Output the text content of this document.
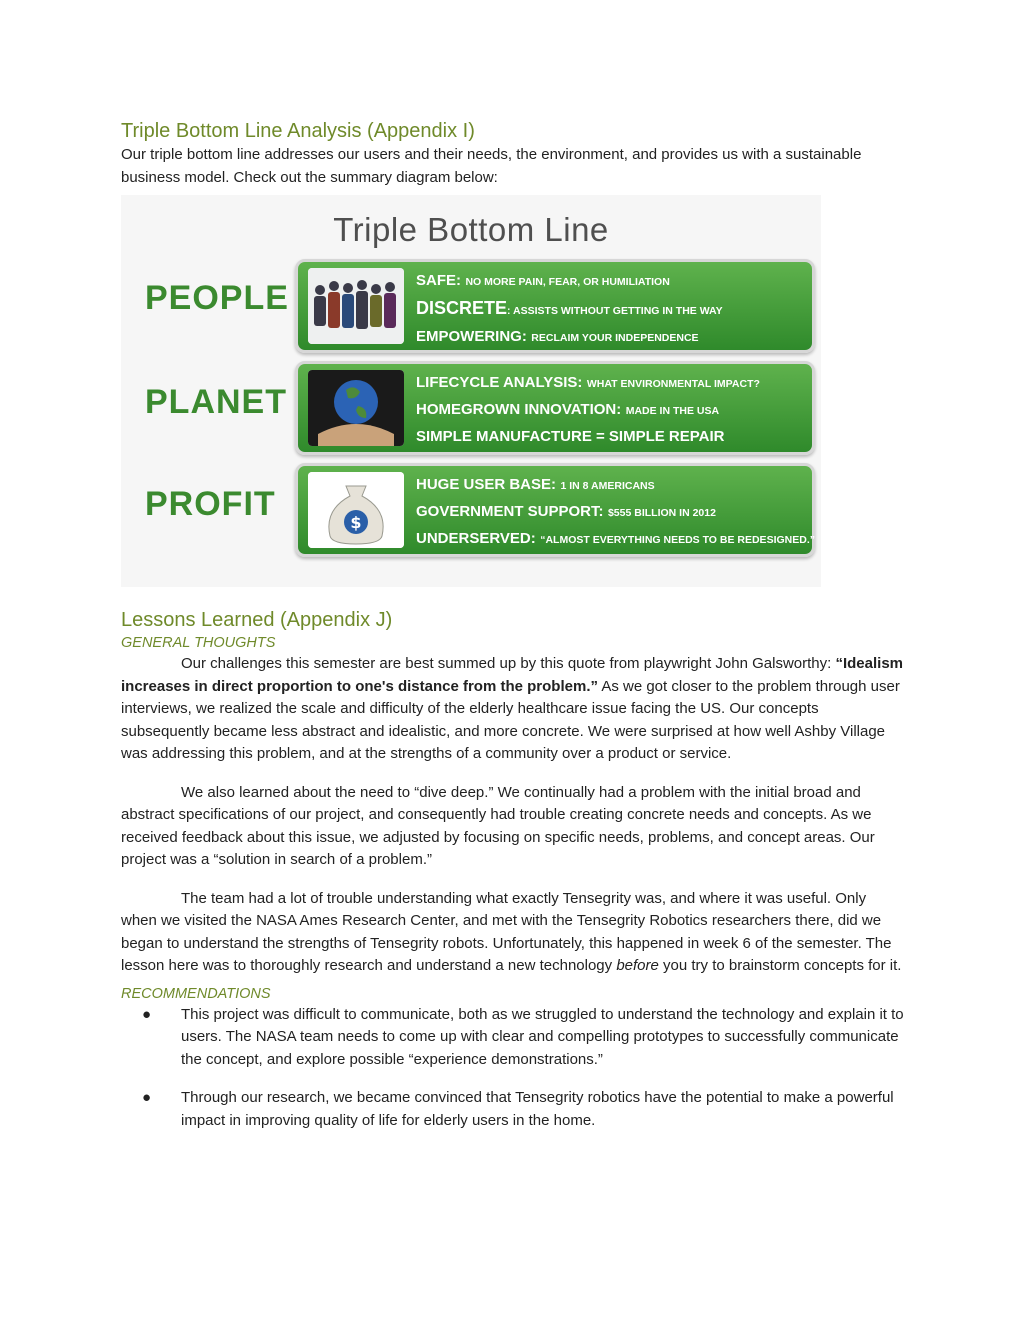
Triple Bottom Line Analysis (Appendix I)

Our triple bottom line addresses our users and their needs, the environment, and provides us with a sustainable business model. Check out the summary diagram below:

Triple Bottom Line
PEOPLE	SAFE: NO MORE PAIN, FEAR, OR HUMILIATION
DISCRETE: ASSISTS WITHOUT GETTING IN THE WAY
EMPOWERING: RECLAIM YOUR INDEPENDENCE
PLANET
LIFECYCLE ANALYSIS: WHAT ENVIRONMENTAL IMPACT?
HOMEGROWN INNOVATION: MADE IN THE USA
SIMPLE MANUFACTURE = SIMPLE REPAIR
PROFIT	$
HUGE USER BASE: 1 IN 8 AMERICANS
GOVERNMENT SUPPORT: $555 BILLION IN 2012
UNDERSERVED: “ALMOST EVERYTHING NEEDS TO BE REDESIGNED.”
Lessons Learned (Appendix J)
GENERAL THOUGHTS

Our challenges this semester are best summed up by this quote from playwright John Galsworthy: “Idealism increases in direct proportion to one's distance from the problem.” As we got closer to the problem through user interviews, we realized the scale and difficulty of the elderly healthcare issue facing the US. Our concepts subsequently became less abstract and idealistic, and more concrete. We were surprised at how well Ashby Village was addressing this problem, and at the strengths of a community over a product or service.

We also learned about the need to “dive deep.” We continually had a problem with the initial broad and abstract specifications of our project, and consequently had trouble creating concrete needs and concepts. As we received feedback about this issue, we adjusted by focusing on specific needs, problems, and concept areas. Our project was a “solution in search of a problem.”

The team had a lot of trouble understanding what exactly Tensegrity was, and where it was useful. Only when we visited the NASA Ames Research Center, and met with the Tensegrity Robotics researchers there, did we began to understand the strengths of Tensegrity robots. Unfortunately, this happened in week 6 of the semester. The lesson here was to thoroughly research and understand a new technology before you try to brainstorm concepts for it.

RECOMMENDATIONS
● This project was difficult to communicate, both as we struggled to understand the technology and explain it to users. The NASA team needs to come up with clear and compelling prototypes to successfully communicate the concept, and explore possible “experience demonstrations.”
● Through our research, we became convinced that Tensegrity robotics have the potential to make a powerful impact in improving quality of life for elderly users in the home.
